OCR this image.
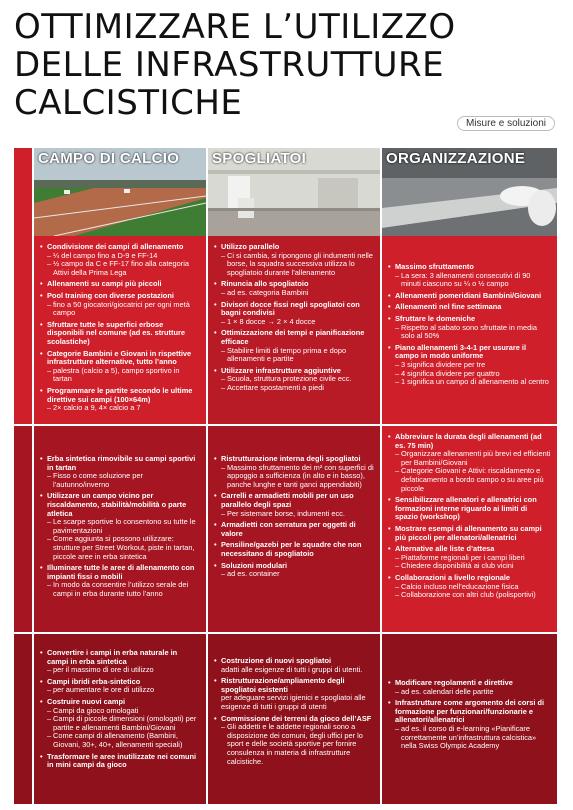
OTTIMIZZARE L’UTILIZZO
DELLE INFRASTRUTTURE
CALCISTICHE
Misure e soluzioni
A BREVE TERMINE
A MEDIO TERMINE
A LUNGO TERMINE
CAMPO DI CALCIO SPOGLIATOI	ORGANIZZAZIONE
• Condivisione dei campi di allenamento
– ¼ del campo fino a D-9 e FF-14
– ½ campo da C e FF-17 fino alla categoria Attivi della Prima Lega
• Allenamenti su campi più piccoli
• Pool training con diverse postazioni
– fino a 50 giocatori/giocatrici per ogni metà campo
• Sfruttare tutte le superfici erbose disponibili nel comune (ad es. strutture scolastiche)
• Categorie Bambini e Giovani in rispettive infrastrutture alternative, tutto l’anno
– palestra (calcio a 5), campo sportivo in tartan
• Programmare le partite secondo le ultime direttive sui campi (100×64m)
– 2× calcio a 9, 4× calcio a 7
• Utilizzo parallelo
– Ci si cambia, si ripongono gli indumenti nelle borse, la squadra successiva utilizza lo spogliatoio durante l’allenamento
• Rinuncia allo spogliatoio
– ad es. categoria Bambini
• Divisori docce fissi negli spogliatoi con bagni condivisi
– 1 × 8 docce → 2 × 4 docce
• Ottimizzazione dei tempi e pianificazione efficace
– Stabilire limiti di tempo prima e dopo allenamenti e partite
• Utilizzare infrastrutture aggiuntive
– Scuola, struttura protezione civile ecc.
– Accettare spostamenti a piedi
• Massimo sfruttamento
– La sera: 3 allenamenti consecutivi di 90 minuti ciascuno su ¼ o ½ campo
• Allenamenti pomeridiani Bambini/Giovani
• Allenamenti nel fine settimana
• Sfruttare le domeniche
– Rispetto al sabato sono sfruttate in media solo al 50%
• Piano allenamenti 3-4-1 per usurare il campo in modo uniforme
– 3 significa dividere per tre
– 4 significa dividere per quattro
– 1 significa un campo di allenamento al centro
• Erba sintetica rimovibile su campi sportivi in tartan
– Fisso o come soluzione per l’autunno/inverno
• Utilizzare un campo vicino per riscaldamento, stabilità/mobilità o parte atletica
– Le scarpe sportive lo consentono su tutte le pavimentazioni
– Come aggiunta si possono utilizzare: strutture per Street Workout, piste in tartan, piccole aree in erba sintetica
• Illuminare tutte le aree di allenamento con impianti fissi o mobili
– In modo da consentire l’utilizzo serale dei campi in erba durante tutto l’anno
• Ristrutturazione interna degli spogliatoi
– Massimo sfruttamento dei m² con superfici di appoggio a sufficienza (in alto e in basso), panche lunghe e tanti ganci appendiabiti)
• Carrelli e armadietti mobili per un uso parallelo degli spazi
– Per sistemare borse, indumenti ecc.
• Armadietti con serratura per oggetti di valore
• Pensiline/gazebi per le squadre che non necessitano di spogliatoio
• Soluzioni modulari
– ad es. container
• Abbreviare la durata degli allenamenti (ad es. 75 min)
– Organizzare allenamenti più brevi ed efficienti per Bambini/Giovani
– Categorie Giovani e Attivi: riscaldamento e defaticamento a bordo campo o su aree più piccole
• Sensibilizzare allenatori e allenatrici con formazioni interne riguardo ai limiti di spazio (workshop)
• Mostrare esempi di allenamento su campi più piccoli per allenatori/allenatrici
• Alternative alle liste d’attesa
– Piattaforme regionali per i campi liberi
– Chiedere disponibilità ai club vicini
• Collaborazioni a livello regionale
– Calcio incluso nell’educazione fisica
– Collaborazione con altri club (polisportivi)
• Convertire i campi in erba naturale in campi in erba sintetica
– per il massimo di ore di utilizzo
• Campi ibridi erba-sintetico
– per aumentare le ore di utilizzo
• Costruire nuovi campi
– Campi da gioco omologati
– Campi di piccole dimensioni (omologati) per partite e allenamenti Bambini/Giovani
– Come campi di allenamento (Bambini, Giovani, 30+, 40+, allenamenti speciali)
• Trasformare le aree inutilizzate nei comuni in mini campi da gioco
• Costruzione di nuovi spogliatoi
adatti alle esigenze di tutti i gruppi di utenti.
• Ristrutturazione/ampliamento degli spogliatoi esistenti
per adeguare servizi igienici e spogliatoi alle esigenze di tutti i gruppi di utenti
• Commissione dei terreni da gioco dell’ASF
– Gli addetti e le addette regionali sono a disposizione dei comuni, degli uffici per lo sport e delle società sportive per fornire consulenza in materia di infrastrutture calcistiche.
• Modificare regolamenti e direttive
– ad es. calendari delle partite
• Infrastrutture come argomento dei corsi di formazione per funzionari/funzionarie e allenatori/allenatrici
– ad es. il corso di e-learning «Pianificare correttamente un’infrastruttura calcistica» nella Swiss Olympic Academy
